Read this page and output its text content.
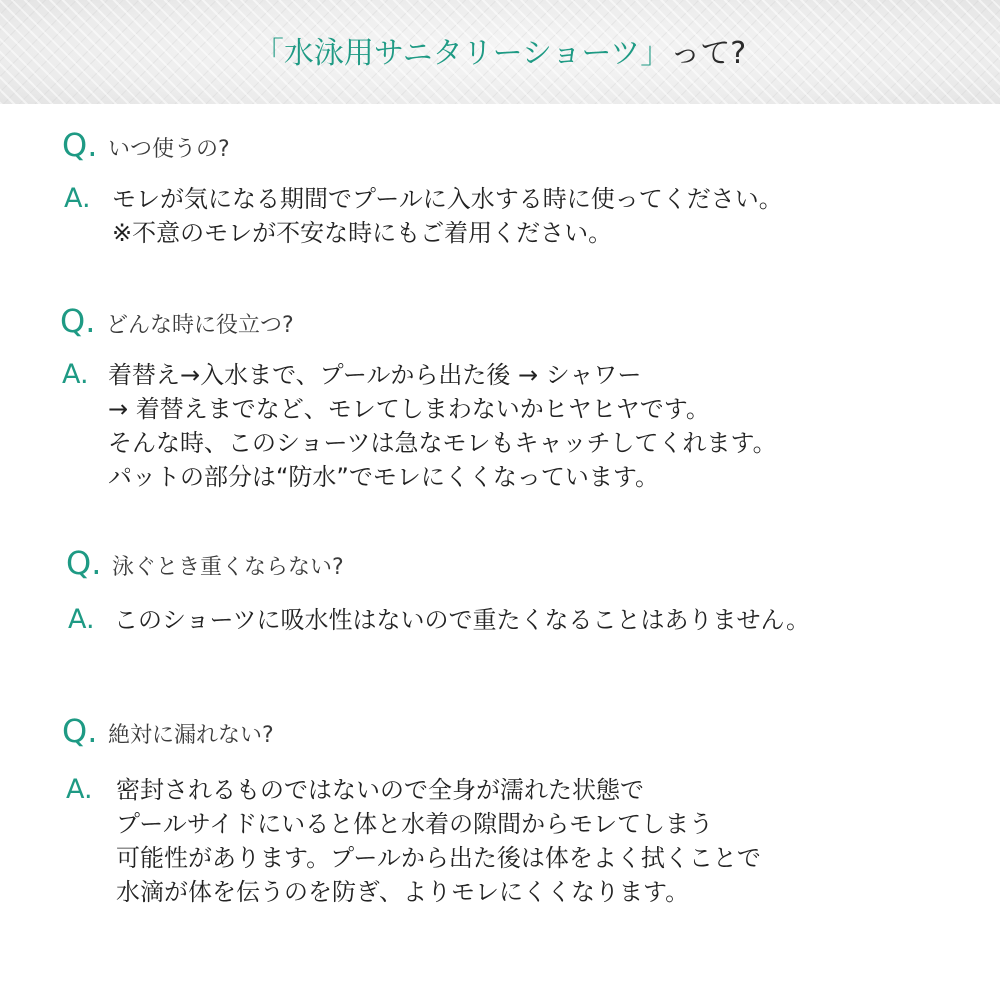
「水泳用サニタリーショーツ」って?
Q. いつ使うの?
A. モレが気になる期間でプールに入水する時に使ってください。
※不意のモレが不安な時にもご着用ください。
Q. どんな時に役立つ?
A. 着替え→入水まで、プールから出た後 → シャワー
→ 着替えまでなど、モレてしまわないかヒヤヒヤです。
そんな時、このショーツは急なモレもキャッチしてくれます。
パットの部分は“防水”でモレにくくなっています。
Q. 泳ぐとき重くならない?
A. このショーツに吸水性はないので重たくなることはありません。
Q. 絶対に漏れない?
A. 密封されるものではないので全身が濡れた状態で
プールサイドにいると体と水着の隙間からモレてしまう
可能性があります。プールから出た後は体をよく拭くことで
水滴が体を伝うのを防ぎ、よりモレにくくなります。
